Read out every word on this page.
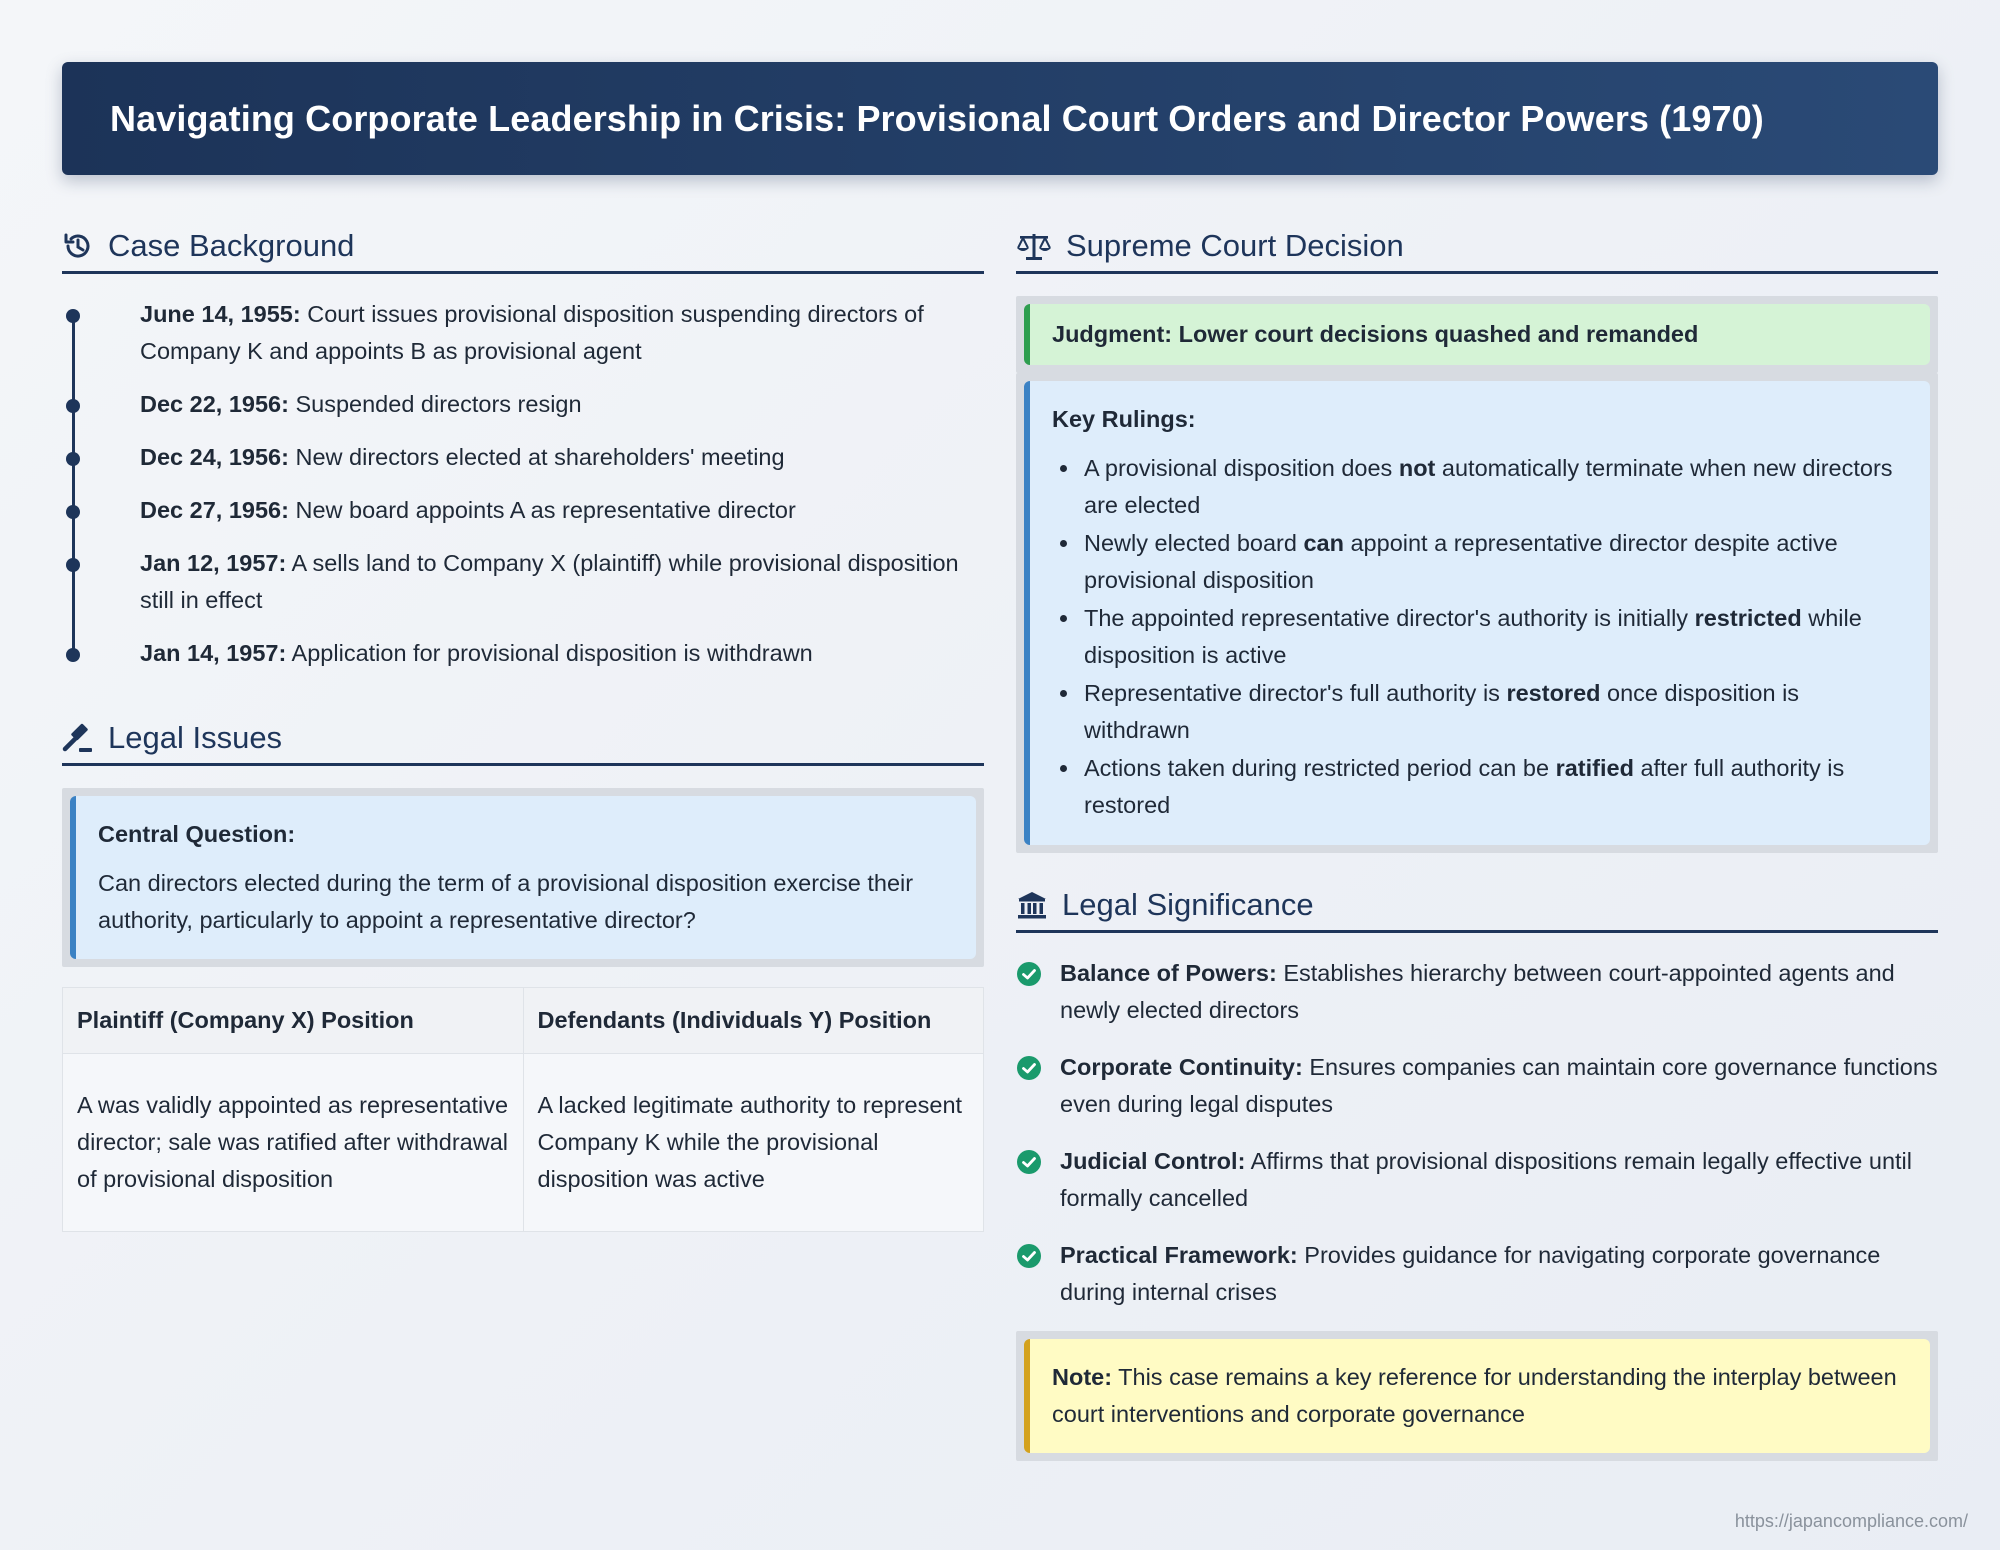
Navigating Corporate Leadership in Crisis: Provisional Court Orders and Director Powers (1970)
Case Background
June 14, 1955: Court issues provisional disposition suspending directors of Company K and appoints B as provisional agent
Dec 22, 1956: Suspended directors resign
Dec 24, 1956: New directors elected at shareholders' meeting
Dec 27, 1956: New board appoints A as representative director
Jan 12, 1957: A sells land to Company X (plaintiff) while provisional disposition still in effect
Jan 14, 1957: Application for provisional disposition is withdrawn
Legal Issues
Central Question:
Can directors elected during the term of a provisional disposition exercise their authority, particularly to appoint a representative director?
Plaintiff (Company X) Position	Defendants (Individuals Y) Position
A was validly appointed as representative director; sale was ratified after withdrawal of provisional disposition	A lacked legitimate authority to represent Company K while the provisional disposition was active
Supreme Court Decision
Judgment: Lower court decisions quashed and remanded
Key Rulings:
A provisional disposition does not automatically terminate when new directors are elected
Newly elected board can appoint a representative director despite active provisional disposition
The appointed representative director's authority is initially restricted while disposition is active
Representative director's full authority is restored once disposition is withdrawn
Actions taken during restricted period can be ratified after full authority is restored
Legal Significance
Balance of Powers: Establishes hierarchy between court-appointed agents and newly elected directors
Corporate Continuity: Ensures companies can maintain core governance functions even during legal disputes
Judicial Control: Affirms that provisional dispositions remain legally effective until formally cancelled
Practical Framework: Provides guidance for navigating corporate governance during internal crises
Note: This case remains a key reference for understanding the interplay between court interventions and corporate governance
https://japancompliance.com/
